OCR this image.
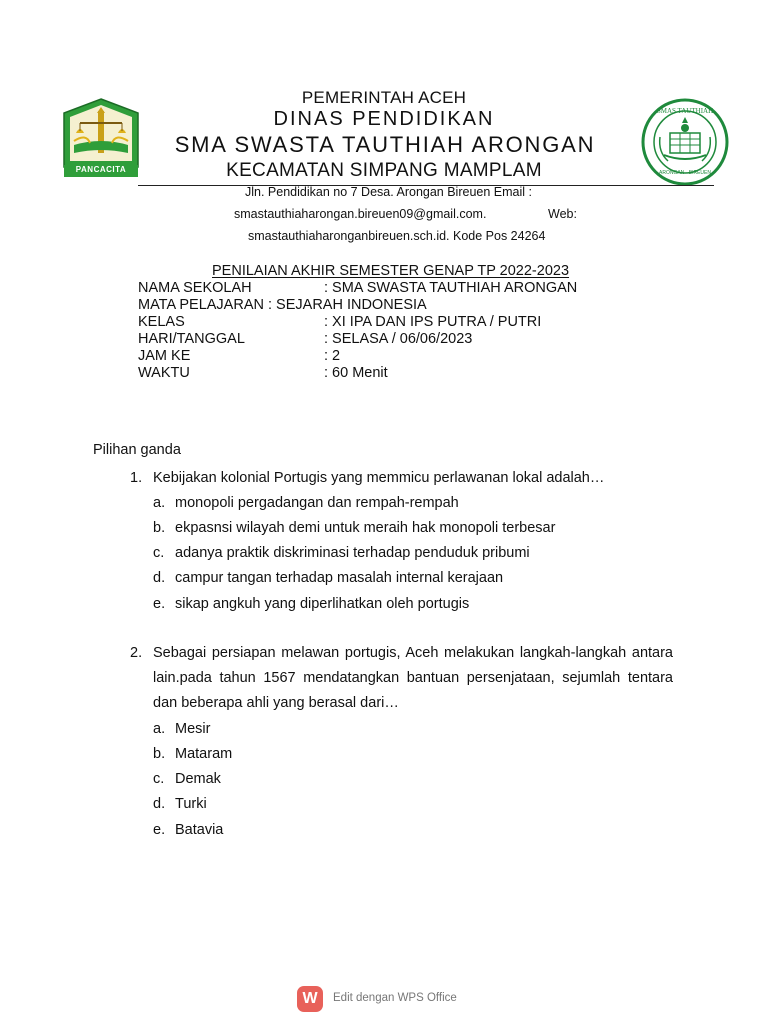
PANCACITA
SMAS TAUTHIAH
ARONGAN - BIREUEN
PEMERINTAH ACEH
DINAS PENDIDIKAN
SMA SWASTA TAUTHIAH ARONGAN
KECAMATAN SIMPANG MAMPLAM
Jln. Pendidikan no 7 Desa. Arongan Bireuen Email :
smastauthiaharongan.bireuen09@gmail.com.	Web:
smastauthiaharonganbireuen.sch.id. Kode Pos 24264
PENILAIAN AKHIR SEMESTER GENAP TP 2022-2023
NAMA SEKOLAH	: SMA SWASTA TAUTHIAH ARONGAN
MATA PELAJARAN : SEJARAH INDONESIA
KELAS	: XI IPA DAN IPS PUTRA / PUTRI
HARI/TANGGAL	: SELASA / 06/06/2023
JAM KE	: 2
WAKTU	: 60 Menit
Pilihan ganda
1. Kebijakan kolonial Portugis yang memmicu perlawanan lokal adalah…
a. monopoli pergadangan dan rempah-rempah
b. ekpasnsi wilayah demi untuk meraih hak monopoli terbesar
c. adanya praktik diskriminasi terhadap penduduk pribumi
d. campur tangan terhadap masalah internal kerajaan
e. sikap angkuh yang diperlihatkan oleh portugis
2. Sebagai persiapan melawan portugis, Aceh melakukan langkah-langkah antara lain.pada tahun 1567 mendatangkan bantuan persenjataan, sejumlah tentara dan beberapa ahli yang berasal dari…
a. Mesir
b. Mataram
c. Demak
d. Turki
e. Batavia
W	Edit dengan WPS Office
